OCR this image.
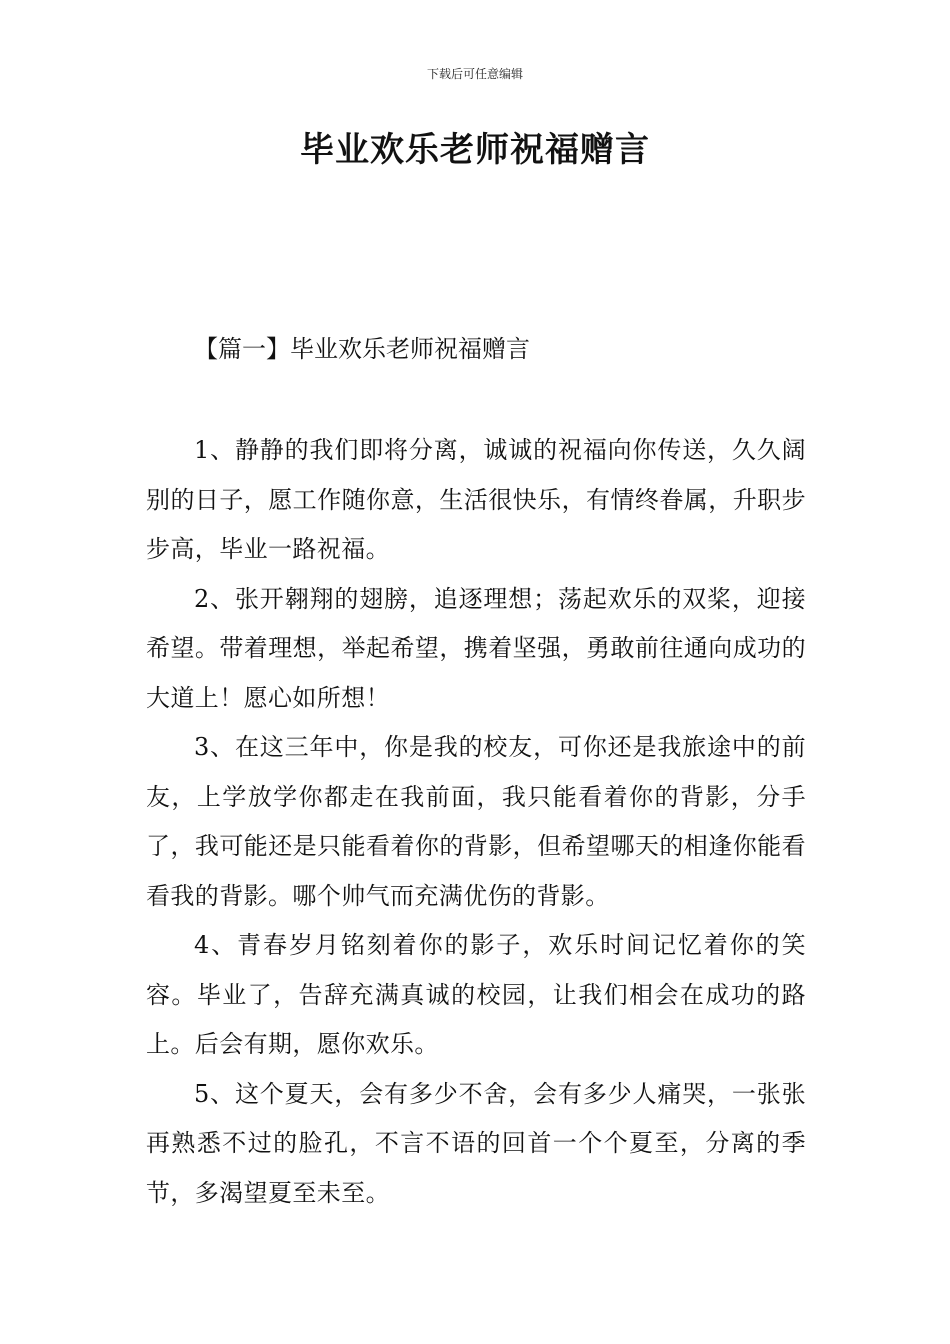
下载后可任意编辑
毕业欢乐老师祝福赠言
【篇一】毕业欢乐老师祝福赠言

1、静静的我们即将分离，诚诚的祝福向你传送，久久阔别的日子，愿工作随你意，生活很快乐，有情终眷属，升职步步高，毕业一路祝福。

2、张开翱翔的翅膀，追逐理想；荡起欢乐的双桨，迎接希望。带着理想，举起希望，携着坚强，勇敢前往通向成功的大道上！愿心如所想！

3、在这三年中，你是我的校友，可你还是我旅途中的前友，上学放学你都走在我前面，我只能看着你的背影，分手了，我可能还是只能看着你的背影，但希望哪天的相逢你能看看我的背影。哪个帅气而充满优伤的背影。

4、青春岁月铭刻着你的影子，欢乐时间记忆着你的笑容。毕业了，告辞充满真诚的校园，让我们相会在成功的路上。后会有期，愿你欢乐。

5、这个夏天，会有多少不舍，会有多少人痛哭，一张张再熟悉不过的脸孔，不言不语的回首一个个夏至，分离的季节，多渴望夏至未至。
